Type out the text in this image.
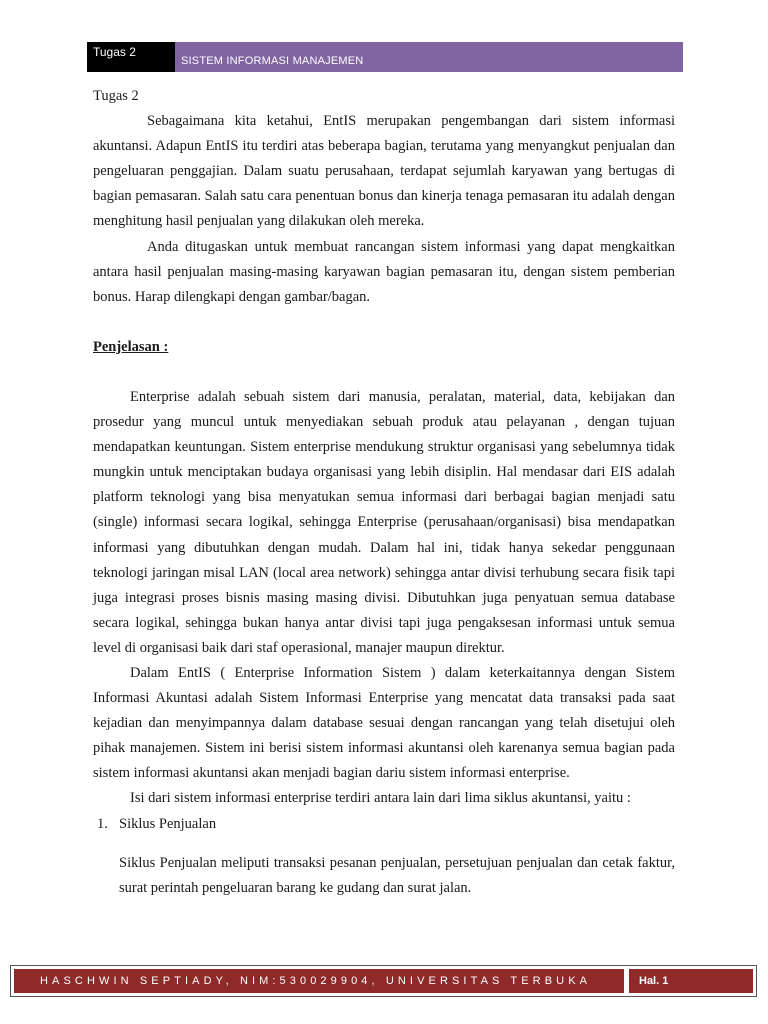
Tugas 2
SISTEM INFORMASI MANAJEMEN

Tugas 2

Sebagaimana kita ketahui, EntIS merupakan pengembangan dari sistem informasi akuntansi. Adapun EntIS itu terdiri atas beberapa bagian, terutama yang menyangkut penjualan dan pengeluaran penggajian. Dalam suatu perusahaan, terdapat sejumlah karyawan yang bertugas di bagian pemasaran. Salah satu cara penentuan bonus dan kinerja tenaga pemasaran itu adalah dengan menghitung hasil penjualan yang dilakukan oleh mereka.

Anda ditugaskan untuk membuat rancangan sistem informasi yang dapat mengkaitkan antara hasil penjualan masing-masing karyawan bagian pemasaran itu, dengan sistem pemberian bonus. Harap dilengkapi dengan gambar/bagan.

Penjelasan :

Enterprise adalah sebuah sistem dari manusia, peralatan, material, data, kebijakan dan prosedur yang muncul untuk menyediakan sebuah produk atau pelayanan , dengan tujuan mendapatkan keuntungan. Sistem enterprise mendukung struktur organisasi yang sebelumnya tidak mungkin untuk menciptakan budaya organisasi yang lebih disiplin. Hal mendasar dari EIS adalah platform teknologi yang bisa menyatukan semua informasi dari berbagai bagian menjadi satu (single) informasi secara logikal, sehingga Enterprise (perusahaan/organisasi) bisa mendapatkan informasi yang dibutuhkan dengan mudah. Dalam hal ini, tidak hanya sekedar penggunaan teknologi jaringan misal LAN (local area network) sehingga antar divisi terhubung secara fisik tapi juga integrasi proses bisnis masing masing divisi. Dibutuhkan juga penyatuan semua database secara logikal, sehingga bukan hanya antar divisi tapi juga pengaksesan informasi untuk semua level di organisasi baik dari staf operasional, manajer maupun direktur.

Dalam EntIS ( Enterprise Information Sistem ) dalam keterkaitannya dengan Sistem Informasi Akuntasi adalah Sistem Informasi Enterprise yang mencatat data transaksi pada saat kejadian dan menyimpannya dalam database sesuai dengan rancangan yang telah disetujui oleh pihak manajemen. Sistem ini berisi sistem informasi akuntansi oleh karenanya semua bagian pada sistem informasi akuntansi akan menjadi bagian dariu sistem informasi enterprise.

Isi dari sistem informasi enterprise terdiri antara lain dari lima siklus akuntansi, yaitu :

1. Siklus Penjualan

Siklus Penjualan meliputi transaksi pesanan penjualan, persetujuan penjualan dan cetak faktur, surat perintah pengeluaran barang ke gudang dan surat jalan.

HASCHWIN SEPTIADY, NIM:530029904, UNIVERSITAS TERBUKA	Hal. 1
